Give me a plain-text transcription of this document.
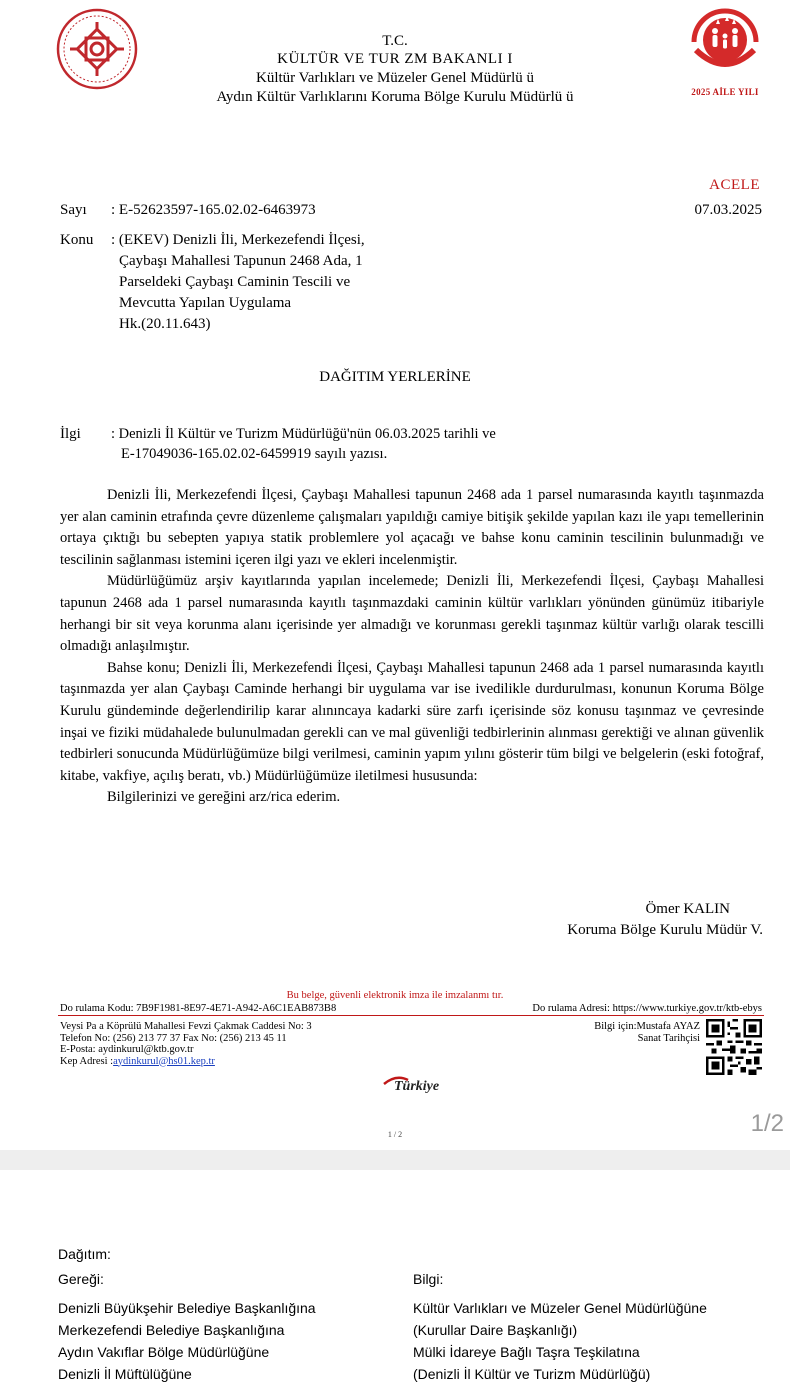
T.C.
KÜLTÜR VE TUR ZM BAKANLI I
Kültür Varlıkları ve Müzeler Genel Müdürlü ü
Aydın Kültür Varlıklarını Koruma Bölge Kurulu Müdürlü ü	2025 AİLE YILI
ACELE
Sayı : E-52623597-165.02.02-6463973	07.03.2025
Konu : (EKEV) Denizli İli, Merkezefendi İlçesi,
Çaybaşı Mahallesi Tapunun 2468 Ada, 1
Parseldeki Çaybaşı Caminin Tescili ve
Mevcutta Yapılan Uygulama
Hk.(20.11.643)
DAĞITIM YERLERİNE
İlgi : Denizli İl Kültür ve Turizm Müdürlüğü'nün 06.03.2025 tarihli ve
E-17049036-165.02.02-6459919 sayılı yazısı.

Denizli İli, Merkezefendi İlçesi, Çaybaşı Mahallesi tapunun 2468 ada 1 parsel numarasında kayıtlı taşınmazda yer alan caminin etrafında çevre düzenleme çalışmaları yapıldığı camiye bitişik şekilde yapılan kazı ile yapı temellerinin ortaya çıktığı bu sebepten yapıya statik problemlere yol açacağı ve bahse konu caminin tescilinin bulunmadığı ve tescilinin sağlanması istemini içeren ilgi yazı ve ekleri incelenmiştir.

Müdürlüğümüz arşiv kayıtlarında yapılan incelemede; Denizli İli, Merkezefendi İlçesi, Çaybaşı Mahallesi tapunun 2468 ada 1 parsel numarasında kayıtlı taşınmazdaki caminin kültür varlıkları yönünden günümüz itibariyle herhangi bir sit veya korunma alanı içerisinde yer almadığı ve korunması gerekli taşınmaz kültür varlığı olarak tescilli olmadığı anlaşılmıştır.

Bahse konu; Denizli İli, Merkezefendi İlçesi, Çaybaşı Mahallesi tapunun 2468 ada 1 parsel numarasında kayıtlı taşınmazda yer alan Çaybaşı Caminde herhangi bir uygulama var ise ivedilikle durdurulması, konunun Koruma Bölge Kurulu gündeminde değerlendirilip karar alınıncaya kadarki süre zarfı içerisinde söz konusu taşınmaz ve çevresinde inşai ve fiziki müdahalede bulunulmadan gerekli can ve mal güvenliği tedbirlerinin alınması gerektiği ve alınan güvenlik tedbirleri sonucunda Müdürlüğümüze bilgi verilmesi, caminin yapım yılını gösterir tüm bilgi ve belgelerin (eski fotoğraf, kitabe, vakfiye, açılış beratı, vb.) Müdürlüğümüze iletilmesi hususunda:

Bilgilerinizi ve gereğini arz/rica ederim.

Ömer KALIN
Koruma Bölge Kurulu Müdür V.
Bu belge, güvenli elektronik imza ile imzalanmı tır.
Do rulama Kodu: 7B9F1981-8E97-4E71-A942-A6C1EAB873B8	Do rulama Adresi: https://www.turkiye.gov.tr/ktb-ebys
Veysi Pa a Köprülü Mahallesi Fevzi Çakmak Caddesi No: 3
Telefon No: (256) 213 77 37 Fax No: (256) 213 45 11
E-Posta: aydinkurul@ktb.gov.tr
Kep Adresi :aydinkurul@hs01.kep.tr
Bilgi için:Mustafa AYAZ
Sanat Tarihçisi
Türkiye
1 / 2	1/2
Dağıtım:
Gereği:	Bilgi:
Denizli Büyükşehir Belediye Başkanlığına
Merkezefendi Belediye Başkanlığına
Aydın Vakıflar Bölge Müdürlüğüne
Denizli İl Müftülüğüne
Kültür Varlıkları ve Müzeler Genel Müdürlüğüne
(Kurullar Daire Başkanlığı)
Mülki İdareye Bağlı Taşra Teşkilatına
(Denizli İl Kültür ve Turizm Müdürlüğü)
